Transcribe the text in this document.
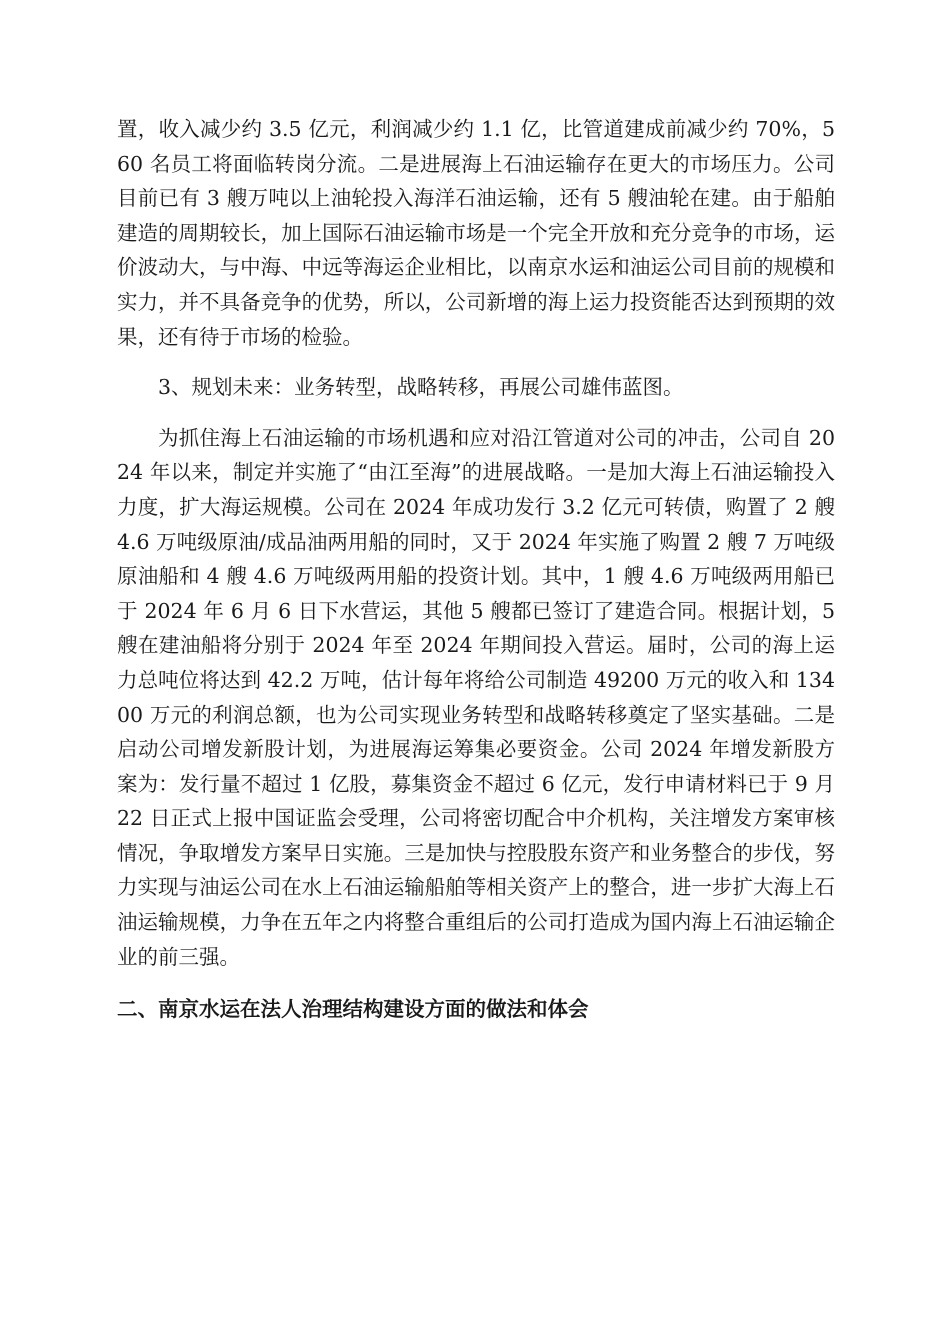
置，收入减少约 3.5 亿元，利润减少约 1.1 亿，比管道建成前减少约 70%，560 名员工将面临转岗分流。二是进展海上石油运输存在更大的市场压力。公司目前已有 3 艘万吨以上油轮投入海洋石油运输，还有 5 艘油轮在建。由于船舶建造的周期较长，加上国际石油运输市场是一个完全开放和充分竞争的市场，运价波动大，与中海、中远等海运企业相比，以南京水运和油运公司目前的规模和实力，并不具备竞争的优势，所以，公司新增的海上运力投资能否达到预期的效果，还有待于市场的检验。

3、规划未来：业务转型，战略转移，再展公司雄伟蓝图。

为抓住海上石油运输的市场机遇和应对沿江管道对公司的冲击，公司自 2024 年以来，制定并实施了“由江至海”的进展战略。一是加大海上石油运输投入力度，扩大海运规模。公司在 2024 年成功发行 3.2 亿元可转债，购置了 2 艘 4.6 万吨级原油/成品油两用船的同时，又于 2024 年实施了购置 2 艘 7 万吨级原油船和 4 艘 4.6 万吨级两用船的投资计划。其中，1 艘 4.6 万吨级两用船已于 2024 年 6 月 6 日下水营运，其他 5 艘都已签订了建造合同。根据计划，5 艘在建油船将分别于 2024 年至 2024 年期间投入营运。届时，公司的海上运力总吨位将达到 42.2 万吨，估计每年将给公司制造 49200 万元的收入和 13400 万元的利润总额，也为公司实现业务转型和战略转移奠定了坚实基础。二是启动公司增发新股计划，为进展海运筹集必要资金。公司 2024 年增发新股方案为：发行量不超过 1 亿股，募集资金不超过 6 亿元，发行申请材料已于 9 月 22 日正式上报中国证监会受理，公司将密切配合中介机构，关注增发方案审核情况，争取增发方案早日实施。三是加快与控股股东资产和业务整合的步伐，努力实现与油运公司在水上石油运输船舶等相关资产上的整合，进一步扩大海上石油运输规模，力争在五年之内将整合重组后的公司打造成为国内海上石油运输企业的前三强。

二、南京水运在法人治理结构建设方面的做法和体会
